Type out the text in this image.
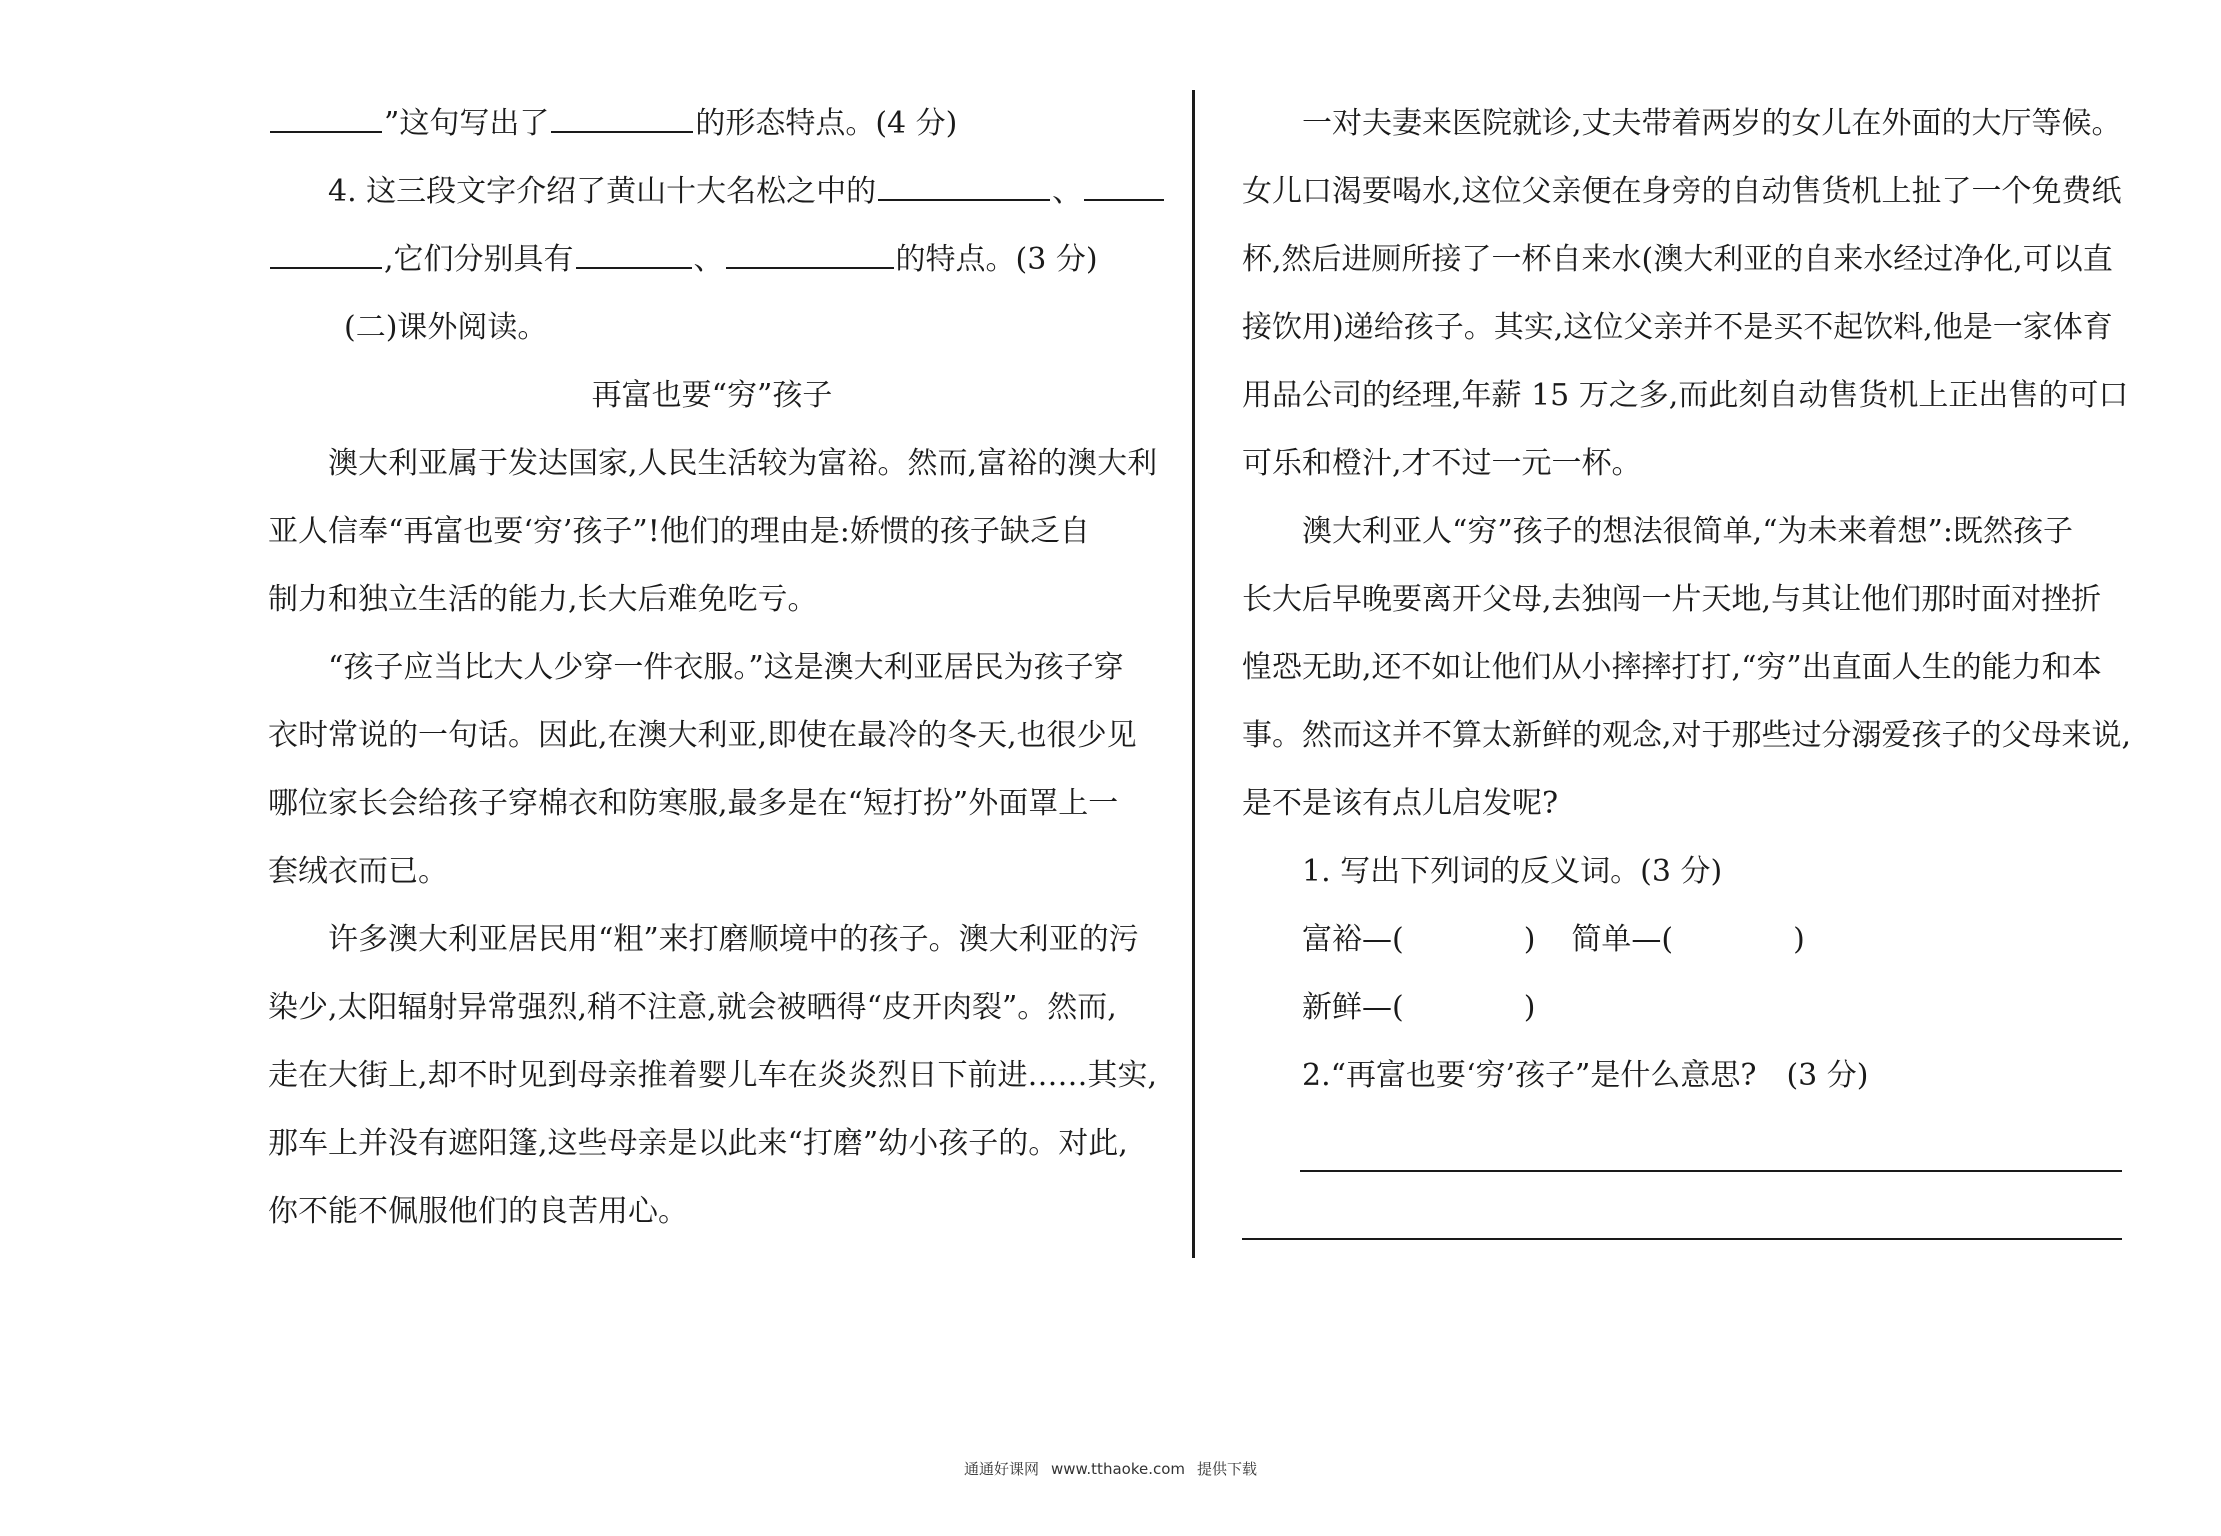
”这句写出了	的形态特点。(4 分)
4. 这三段文字介绍了黄山十大名松之中的	、
,它们分别具有	、	的特点。(3 分)
(二)课外阅读。
再富也要“穷”孩子
澳大利亚属于发达国家,人民生活较为富裕。然而,富裕的澳大利
亚人信奉“再富也要‘穷’孩子”!他们的理由是:娇惯的孩子缺乏自
制力和独立生活的能力,长大后难免吃亏。
“孩子应当比大人少穿一件衣服。”这是澳大利亚居民为孩子穿
衣时常说的一句话。因此,在澳大利亚,即使在最冷的冬天,也很少见
哪位家长会给孩子穿棉衣和防寒服,最多是在“短打扮”外面罩上一
套绒衣而已。
许多澳大利亚居民用“粗”来打磨顺境中的孩子。澳大利亚的污
染少,太阳辐射异常强烈,稍不注意,就会被晒得“皮开肉裂”。然而,
走在大街上,却不时见到母亲推着婴儿车在炎炎烈日下前进……其实,
那车上并没有遮阳篷,这些母亲是以此来“打磨”幼小孩子的。对此,
你不能不佩服他们的良苦用心。
一对夫妻来医院就诊,丈夫带着两岁的女儿在外面的大厅等候。
女儿口渴要喝水,这位父亲便在身旁的自动售货机上扯了一个免费纸
杯,然后进厕所接了一杯自来水(澳大利亚的自来水经过净化,可以直
接饮用)递给孩子。其实,这位父亲并不是买不起饮料,他是一家体育
用品公司的经理,年薪 15 万之多,而此刻自动售货机上正出售的可口
可乐和橙汁,才不过一元一杯。
澳大利亚人“穷”孩子的想法很简单,“为未来着想”:既然孩子
长大后早晚要离开父母,去独闯一片天地,与其让他们那时面对挫折
惶恐无助,还不如让他们从小摔摔打打,“穷”出直面人生的能力和本
事。然而这并不算太新鲜的观念,对于那些过分溺爱孩子的父母来说,
是不是该有点儿启发呢?
1. 写出下列词的反义词。(3 分)
富裕—(	) 简单—(	)
新鲜—(	)
2.“再富也要‘穷’孩子”是什么意思? (3 分)
通通好课网 www.tthaoke.com 提供下载
